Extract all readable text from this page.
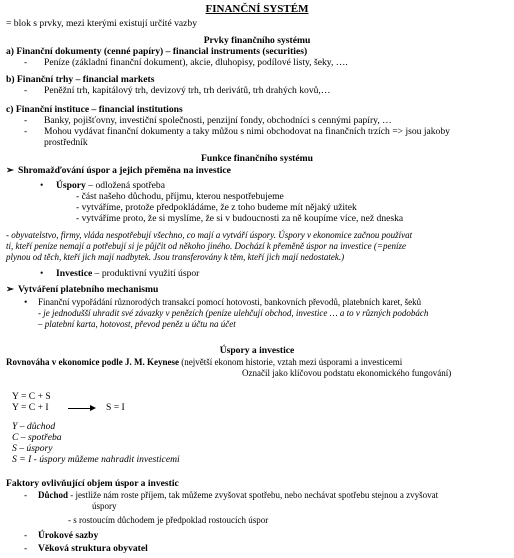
FINANČNÍ SYSTÉM
= blok s prvky, mezi kterými existují určité vazby
Prvky finančního systému
a) Finanční dokumenty (cenné papíry) – financial instruments (securities)
- Peníze (základní finanční dokument), akcie, dluhopisy, podílové listy, šeky, ….
b) Finanční trhy – financial markets
- Peněžní trh, kapitálový trh, devizový trh, trh derivátů, trh drahých kovů,…
c) Finanční instituce – financial institutions
- Banky, pojišťovny, investiční společnosti, penzijní fondy, obchodníci s cennými papíry, …
- Mohou vydávat finanční dokumenty a taky můžou s nimi obchodovat na finančních trzích => jsou jakoby
prostředník
Funkce finančního systému
➢ Shromažďování úspor a jejich přeměna na investice
• Úspory – odložená spotřeba
- část našeho důchodu, příjmu, kterou nespotřebujeme
- vytváříme, protože předpokládáme, že z toho budeme mít nějaký užitek
- vytváříme proto, že si myslíme, že si v budoucnosti za ně koupíme více, než dneska
- obyvatelstvo, firmy, vláda nespotřebují všechno, co mají a vytváří úspory. Úspory v ekonomice začnou používat
ti, kteří peníze nemají a potřebují si je půjčit od někoho jiného. Dochází k přeměně úspor na investice (=peníze
plynou od těch, kteří jich mají nadbytek. Jsou transferovány k těm, kteří jich mají nedostatek.)
• Investice – produktivní využití úspor
➢ Vytváření platebního mechanismu
• Finanční vypořádání různorodých transakcí pomocí hotovosti, bankovních převodů, platebních karet, šeků
- je jednodušší uhradit své závazky v penězích (peníze ulehčují obchod, investice … a to v různých podobách
– platební karta, hotovost, převod peněz u účtu na účet
Úspory a investice
Rovnováha v ekonomice podle J. M. Keynese (největší ekonom historie, vztah mezi úsporami a investicemi
Označil jako klíčovou podstatu ekonomického fungování)
Y = C + S
Y = C + I	S = I
Y – důchod
C – spotřeba
S – úspory
S = I - úspory můžeme nahradit investicemi
Faktory ovlivňující objem úspor a investic
- Důchod - jestliže nám roste příjem, tak můžeme zvyšovat spotřebu, nebo nechávat spotřebu stejnou a zvyšovat
úspory
- s rostoucím důchodem je předpoklad rostoucích úspor
- Úrokové sazby
- Věková struktura obyvatel
